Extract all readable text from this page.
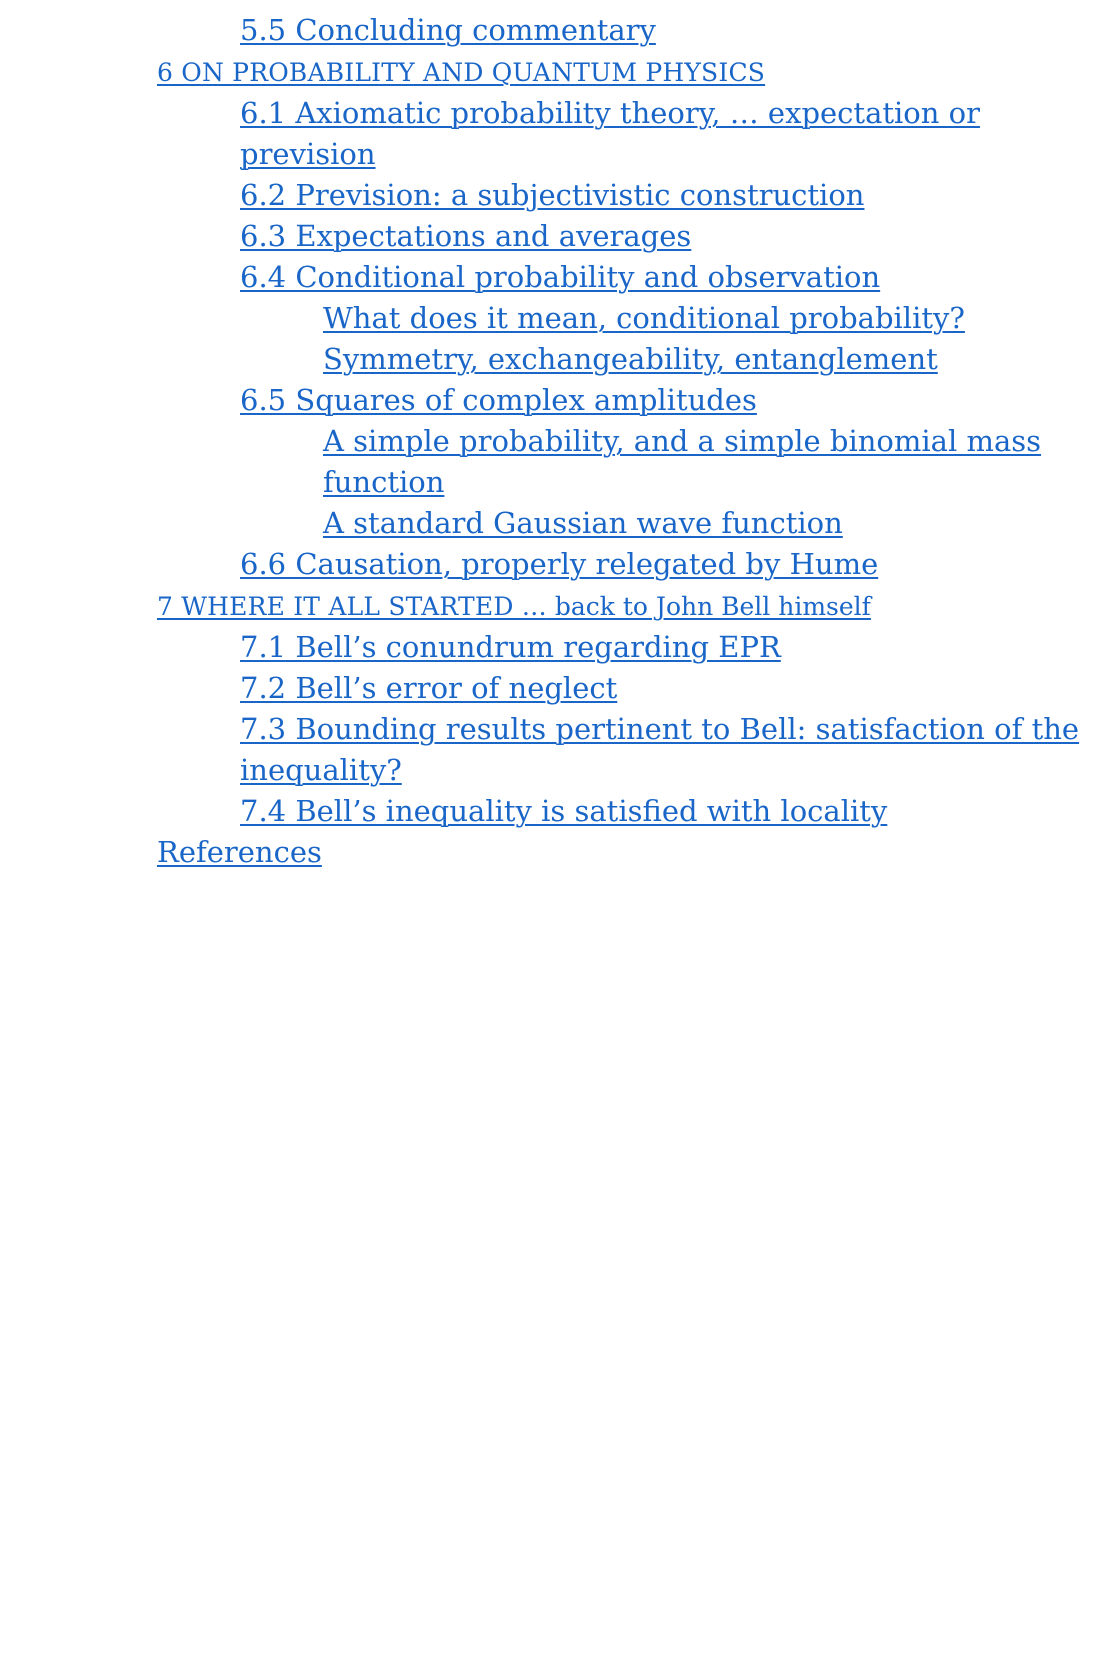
5.5 Concluding commentary
6 ON PROBABILITY AND QUANTUM PHYSICS
6.1 Axiomatic probability theory, … expectation or prevision
6.2 Prevision: a subjectivistic construction
6.3 Expectations and averages
6.4 Conditional probability and observation
What does it mean, conditional probability?
Symmetry, exchangeability, entanglement
6.5 Squares of complex amplitudes
A simple probability, and a simple binomial mass function
A standard Gaussian wave function
6.6 Causation, properly relegated by Hume
7 WHERE IT ALL STARTED … back to John Bell himself
7.1 Bell’s conundrum regarding EPR
7.2 Bell’s error of neglect
7.3 Bounding results pertinent to Bell: satisfaction of the inequality?
7.4 Bell’s inequality is satisfied with locality
References
